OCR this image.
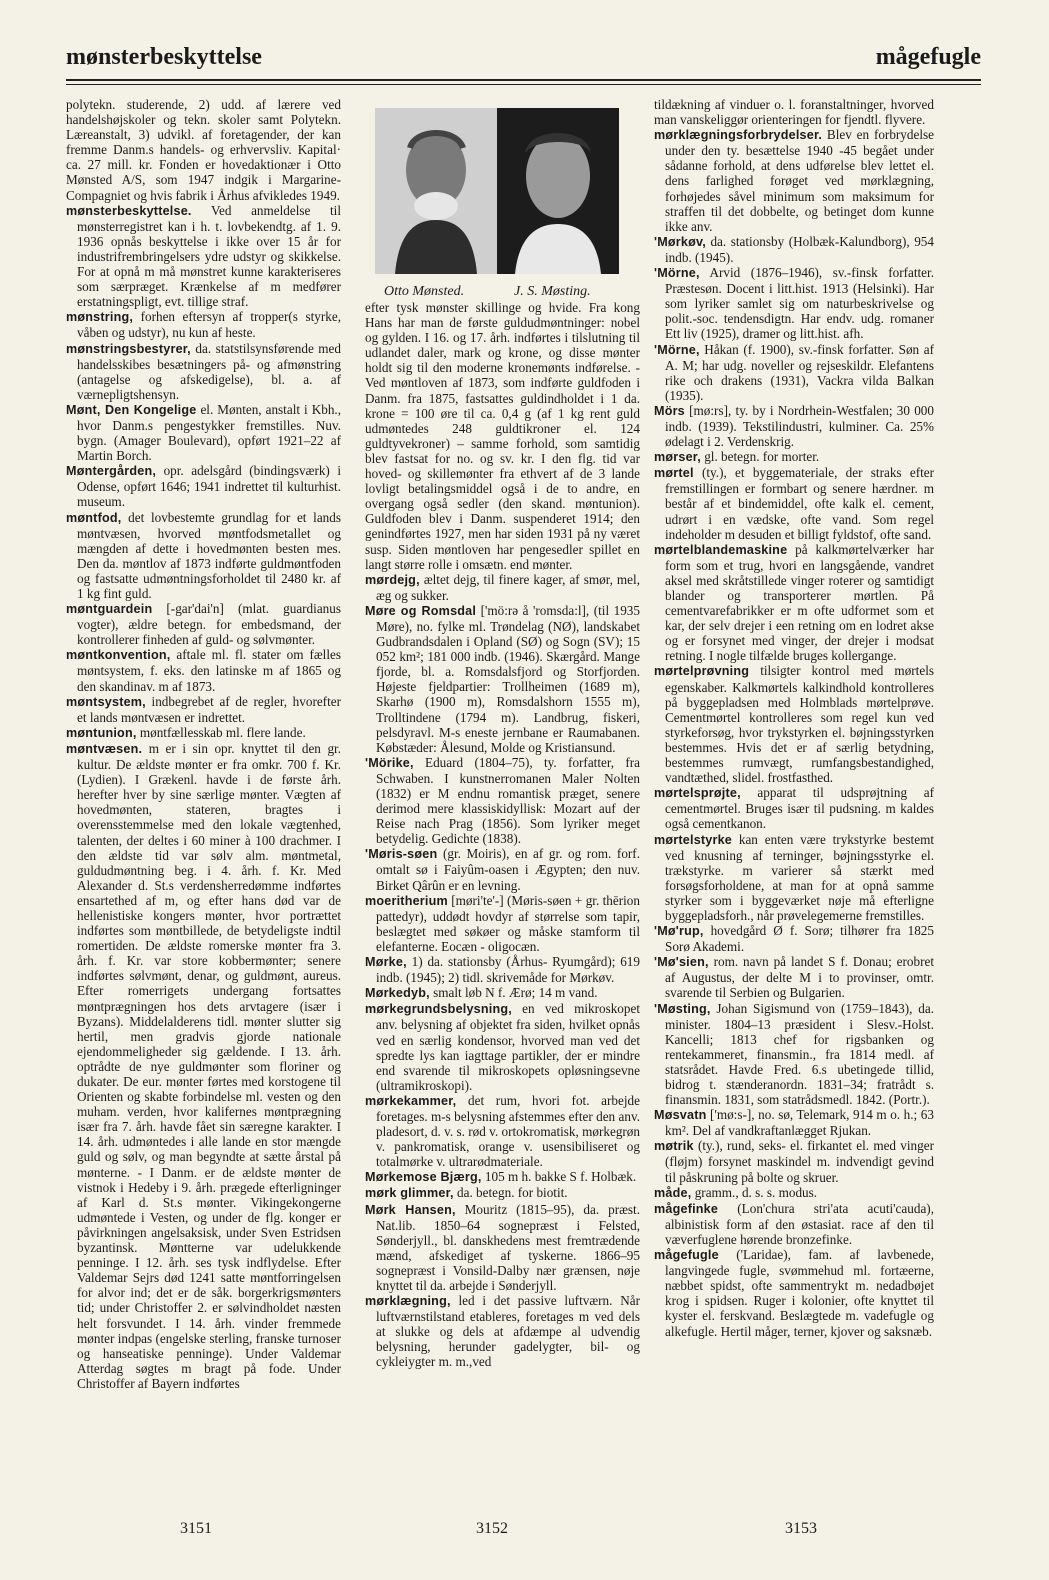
mønsterbeskyttelse	mågefugle
polytekn. studerende, 2) udd. af lærere ved handelshøjskoler og tekn. skoler samt Polytekn. Læreanstalt, 3) udvikl. af foretagender, der kan fremme Danm.s handels- og erhvervsliv. Kapital· ca. 27 mill. kr. Fonden er hovedaktionær i Otto Mønsted A/S, som 1947 indgik i Margarine-Compagniet og hvis fabrik i Århus afvikledes 1949.
mønsterbeskyttelse. Ved anmeldelse til mønsterregistret kan i h. t. lovbekendtg. af 1. 9. 1936 opnås beskyttelse i ikke over 15 år for industrifrembringelsers ydre udstyr og skikkelse. For at opnå m må mønstret kunne karakteriseres som særpræget. Krænkelse af m medfører erstatningspligt, evt. tillige straf.
mønstring, forhen eftersyn af tropper(s styrke, våben og udstyr), nu kun af heste.
mønstringsbestyrer, da. statstilsynsførende med handelsskibes besætningers på- og afmønstring (antagelse og afskedigelse), bl. a. af værnepligtshensyn.
Mønt, Den Kongelige el. Mønten, anstalt i Kbh., hvor Danm.s pengestykker fremstilles. Nuv. bygn. (Amager Boulevard), opført 1921–22 af Martin Borch.
Møntergården, opr. adelsgård (bindingsværk) i Odense, opført 1646; 1941 indrettet til kulturhist. museum.
møntfod, det lovbestemte grundlag for et lands møntvæsen, hvorved møntfodsmetallet og mængden af dette i hovedmønten besten mes. Den da. møntlov af 1873 indførte guldmøntfoden og fastsatte udmøntningsforholdet til 2480 kr. af 1 kg fint guld.
møntguardein [-gar'dai'n] (mlat. guardianus vogter), ældre betegn. for embedsmand, der kontrollerer finheden af guld- og sølvmønter.
møntkonvention, aftale ml. fl. stater om fælles møntsystem, f. eks. den latinske m af 1865 og den skandinav. m af 1873.
møntsystem, indbegrebet af de regler, hvorefter et lands møntvæsen er indrettet.
møntunion, møntfællesskab ml. flere lande.
møntvæsen. m er i sin opr. knyttet til den gr. kultur. De ældste mønter er fra omkr. 700 f. Kr. (Lydien). I Grækenl. havde i de første årh. herefter hver by sine særlige mønter. Vægten af hovedmønten, stateren, bragtes i overensstemmelse med den lokale vægtenhed, talenten, der deltes i 60 miner à 100 drachmer. I den ældste tid var sølv alm. møntmetal, guldudmøntning beg. i 4. årh. f. Kr. Med Alexander d. St.s verdensherredømme indførtes ensartethed af m, og efter hans død var de hellenistiske kongers mønter, hvor portrættet indførtes som møntbillede, de betydeligste indtil romertiden. De ældste romerske mønter fra 3. årh. f. Kr. var store kobbermønter; senere indførtes sølvmønt, denar, og guldmønt, aureus. Efter romerrigets undergang fortsattes møntprægningen hos dets arvtagere (især i Byzans). Middelalderens tidl. mønter slutter sig hertil, men gradvis gjorde nationale ejendommeligheder sig gældende. I 13. årh. optrådte de nye guldmønter som floriner og dukater. De eur. mønter førtes med korstogene til Orienten og skabte forbindelse ml. vesten og den muham. verden, hvor kalifernes møntprægning især fra 7. årh. havde fået sin særegne karakter. I 14. årh. udmøntedes i alle lande en stor mængde guld og sølv, og man begyndte at sætte årstal på mønterne. - I Danm. er de ældste mønter de vistnok i Hedeby i 9. årh. prægede efterligninger af Karl d. St.s mønter. Vikingekongerne udmøntede i Vesten, og under de flg. konger er påvirkningen angelsaksisk, under Sven Estridsen byzantinsk. Møntterne var udelukkende penninge. I 12. årh. ses tysk indflydelse. Efter Valdemar Sejrs død 1241 satte møntforringelsen for alvor ind; det er de såk. borgerkrigsmønters tid; under Christoffer 2. er sølvindholdet næsten helt forsvundet. I 14. årh. vinder fremmede mønter indpas (engelske sterling, franske turnoser og hanseatiske penninge). Under Valdemar Atterdag søgtes m bragt på fode. Under Christoffer af Bayern indførtes
Otto Mønsted.	J. S. Møsting.
efter tysk mønster skillinge og hvide. Fra kong Hans har man de første guldudmøntninger: nobel og gylden. I 16. og 17. årh. indførtes i tilslutning til udlandet daler, mark og krone, og disse mønter holdt sig til den moderne kronemønts indførelse. - Ved møntloven af 1873, som indførte guldfoden i Danm. fra 1875, fastsattes guldindholdet i 1 da. krone = 100 øre til ca. 0,4 g (af 1 kg rent guld udmøntedes 248 guldtikroner el. 124 guldtyvekroner) – samme forhold, som samtidig blev fastsat for no. og sv. kr. I den flg. tid var hoved- og skillemønter fra ethvert af de 3 lande lovligt betalingsmiddel også i de to andre, en overgang også sedler (den skand. møntunion). Guldfoden blev i Danm. suspenderet 1914; den genindførtes 1927, men har siden 1931 på ny været susp. Siden møntloven har pengesedler spillet en langt større rolle i omsætn. end mønter.
mørdejg, æltet dejg, til finere kager, af smør, mel, æg og sukker.
Møre og Romsdal ['mö:rə å 'romsda:l], (til 1935 Møre), no. fylke ml. Trøndelag (NØ), landskabet Gudbrandsdalen i Opland (SØ) og Sogn (SV); 15 052 km²; 181 000 indb. (1946). Skærgård. Mange fjorde, bl. a. Romsdalsfjord og Storfjorden. Højeste fjeldpartier: Trollheimen (1689 m), Skarhø (1900 m), Romsdalshorn 1555 m), Trolltindene (1794 m). Landbrug, fiskeri, pelsdyravl. M-s eneste jernbane er Raumabanen. Købstæder: Ålesund, Molde og Kristiansund.
'Mörike, Eduard (1804–75), ty. forfatter, fra Schwaben. I kunstnerromanen Maler Nolten (1832) er M endnu romantisk præget, senere derimod mere klassiskidyllisk: Mozart auf der Reise nach Prag (1856). Som lyriker meget betydelig. Gedichte (1838).
'Møris-søen (gr. Moiris), en af gr. og rom. forf. omtalt sø i Faiyûm-oasen i Ægypten; den nuv. Birket Qârûn er en levning.
moeritherium [møri'te'-] (Møris-søen + gr. thērion pattedyr), uddødt hovdyr af størrelse som tapir, beslægtet med søkøer og måske stamform til elefanterne. Eocæn - oligocæn.
Mørke, 1) da. stationsby (Århus- Ryumgård); 619 indb. (1945); 2) tidl. skrivemåde for Mørkøv.
Mørkedyb, smalt løb N f. Ærø; 14 m vand.
mørkegrundsbelysning, en ved mikroskopet anv. belysning af objektet fra siden, hvilket opnås ved en særlig kondensor, hvorved man ved det spredte lys kan iagttage partikler, der er mindre end svarende til mikroskopets opløsningsevne (ultramikroskopi).
mørkekammer, det rum, hvori fot. arbejde foretages. m-s belysning afstemmes efter den anv. pladesort, d. v. s. rød v. ortokromatisk, mørkegrøn v. pankromatisk, orange v. usensibiliseret og totalmørke v. ultrarødmateriale.
Mørkemose Bjærg, 105 m h. bakke S f. Holbæk.
mørk glimmer, da. betegn. for biotit.
Mørk Hansen, Mouritz (1815–95), da. præst. Nat.lib. 1850–64 sognepræst i Felsted, Sønderjyll., bl. danskhedens mest fremtrædende mænd, afskediget af tyskerne. 1866–95 sognepræst i Vonsild-Dalby nær grænsen, nøje knyttet til da. arbejde i Sønderjyll.
mørklægning, led i det passive luftværn. Når luftværnstilstand etableres, foretages m ved dels at slukke og dels at afdæmpe al udvendig belysning, herunder gadelygter, bil- og cykleiygter m. m.,ved
tildækning af vinduer o. l. foranstaltninger, hvorved man vanskeliggør orienteringen for fjendtl. flyvere.
mørklægningsforbrydelser. Blev en forbrydelse under den ty. besættelse 1940 -45 begået under sådanne forhold, at dens udførelse blev lettet el. dens farlighed forøget ved mørklægning, forhøjedes såvel minimum som maksimum for straffen til det dobbelte, og betinget dom kunne ikke anv.
'Mørkøv, da. stationsby (Holbæk-Kalundborg), 954 indb. (1945).
'Mörne, Arvid (1876–1946), sv.-finsk forfatter. Præstesøn. Docent i litt.hist. 1913 (Helsinki). Har som lyriker samlet sig om naturbeskrivelse og polit.-soc. tendensdigtn. Har endv. udg. romaner Ett liv (1925), dramer og litt.hist. afh.
'Mörne, Håkan (f. 1900), sv.-finsk forfatter. Søn af A. M; har udg. noveller og rejseskildr. Elefantens rike och drakens (1931), Vackra vilda Balkan (1935).
Mörs [mø:rs], ty. by i Nordrhein-Westfalen; 30 000 indb. (1939). Tekstilindustri, kulminer. Ca. 25% ødelagt i 2. Verdenskrig.
mørser, gl. betegn. for morter.
mørtel (ty.), et byggemateriale, der straks efter fremstillingen er formbart og senere hærdner. m består af et bindemiddel, ofte kalk el. cement, udrørt i en vædske, ofte vand. Som regel indeholder m desuden et billigt fyldstof, ofte sand.
mørtelblandemaskine på kalkmørtelværker har form som et trug, hvori en langsgående, vandret aksel med skråtstillede vinger roterer og samtidigt blander og transporterer mørtlen. På cementvarefabrikker er m ofte udformet som et kar, der selv drejer i een retning om en lodret akse og er forsynet med vinger, der drejer i modsat retning. I nogle tilfælde bruges kollergange.
mørtelprøvning tilsigter kontrol med mørtels egenskaber. Kalkmørtels kalkindhold kontrolleres på byggepladsen med Holmblads mørtelprøve. Cementmørtel kontrolleres som regel kun ved styrkeforsøg, hvor trykstyrken el. bøjningsstyrken bestemmes. Hvis det er af særlig betydning, bestemmes rumvægt, rumfangsbestandighed, vandtæthed, slidel. frostfasthed.
mørtelsprøjte, apparat til udsprøjtning af cementmørtel. Bruges især til pudsning. m kaldes også cementkanon.
mørtelstyrke kan enten være trykstyrke bestemt ved knusning af terninger, bøjningsstyrke el. trækstyrke. m varierer så stærkt med forsøgsforholdene, at man for at opnå samme styrker som i byggeværket nøje må efterligne byggepladsforh., når prøvelegemerne fremstilles.
'Mø'rup, hovedgård Ø f. Sorø; tilhører fra 1825 Sorø Akademi.
'Mø'sien, rom. navn på landet S f. Donau; erobret af Augustus, der delte M i to provinser, omtr. svarende til Serbien og Bulgarien.
'Møsting, Johan Sigismund von (1759–1843), da. minister. 1804–13 præsident i Slesv.-Holst. Kancelli; 1813 chef for rigsbanken og rentekammeret, finansmin., fra 1814 medl. af statsrådet. Havde Fred. 6.s ubetingede tillid, bidrog t. stænderanordn. 1831–34; fratrådt s. finansmin. 1831, som statrådsmedl. 1842. (Portr.).
Møsvatn ['mø:s-], no. sø, Telemark, 914 m o. h.; 63 km². Del af vandkraftanlægget Rjukan.
møtrik (ty.), rund, seks- el. firkantet el. med vinger (fløjm) forsynet maskindel m. indvendigt gevind til påskruning på bolte og skruer.
måde, gramm., d. s. s. modus.
mågefinke (Lon'chura stri'ata acuti'cauda), albinistisk form af den østasiat. race af den til væverfuglene hørende bronzefinke.
mågefugle ('Laridae), fam. af lavbenede, langvingede fugle, svømmehud ml. fortæerne, næbbet spidst, ofte sammentrykt m. nedadbøjet krog i spidsen. Ruger i kolonier, ofte knyttet til kyster el. ferskvand. Beslægtede m. vadefugle og alkefugle. Hertil måger, terner, kjover og saksnæb.
3151	3152	3153
